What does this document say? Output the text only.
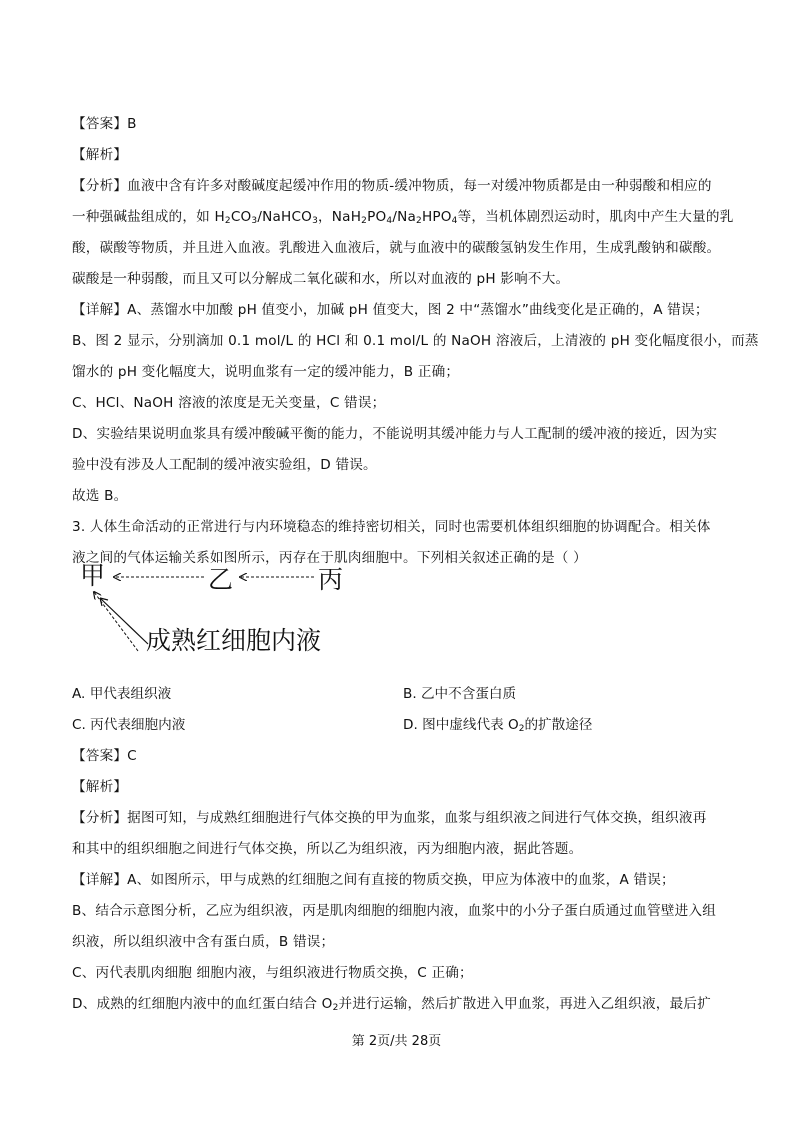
【答案】B
【解析】
【分析】血液中含有许多对酸碱度起缓冲作用的物质-缓冲物质，每一对缓冲物质都是由一种弱酸和相应的
一种强碱盐组成的，如 $H_2CO_3/NaHCO_3$，$NaH_2PO_4/Na_2HPO_4$等，当机体剧烈运动时，肌肉中产生大量的乳
酸，碳酸等物质，并且进入血液。乳酸进入血液后，就与血液中的碳酸氢钠发生作用，生成乳酸钠和碳酸。
碳酸是一种弱酸，而且又可以分解成二氧化碳和水，所以对血液的 pH 影响不大。
【详解】A、蒸馏水中加酸 pH 值变小，加碱 pH 值变大，图 2 中“蒸馏水”曲线变化是正确的，A 错误；
B、图 2 显示，分别滴加 0.1 mol/L 的 HCl 和 0.1 mol/L 的 NaOH 溶液后，上清液的 pH 变化幅度很小，而蒸
馏水的 pH 变化幅度大，说明血浆有一定的缓冲能力，B 正确；
C、HCl、NaOH 溶液的浓度是无关变量，C 错误；
D、实验结果说明血浆具有缓冲酸碱平衡的能力，不能说明其缓冲能力与人工配制的缓冲液的接近，因为实
验中没有涉及人工配制的缓冲液实验组，D 错误。
故选 B。
3. 人体生命活动的正常进行与内环境稳态的维持密切相关，同时也需要机体组织细胞的协调配合。相关体
液之间的气体运输关系如图所示，丙存在于肌肉细胞中。下列相关叙述正确的是（ ）
甲	乙	丙
成熟红细胞内液
A. 甲代表组织液	B. 乙中不含蛋白质
C. 丙代表细胞内液	D. 图中虚线代表 $O_2$的扩散途径
【答案】C
【解析】
【分析】据图可知，与成熟红细胞进行气体交换的甲为血浆，血浆与组织液之间进行气体交换，组织液再
和其中的组织细胞之间进行气体交换，所以乙为组织液，丙为细胞内液，据此答题。
【详解】A、如图所示，甲与成熟的红细胞之间有直接的物质交换，甲应为体液中的血浆，A 错误；
B、结合示意图分析，乙应为组织液，丙是肌肉细胞的细胞内液，血浆中的小分子蛋白质通过血管壁进入组
织液，所以组织液中含有蛋白质，B 错误；
C、丙代表肌肉细胞 细胞内液，与组织液进行物质交换，C 正确；
D、成熟的红细胞内液中的血红蛋白结合 $O_2$并进行运输，然后扩散进入甲血浆，再进入乙组织液，最后扩
第 2页/共 28页
